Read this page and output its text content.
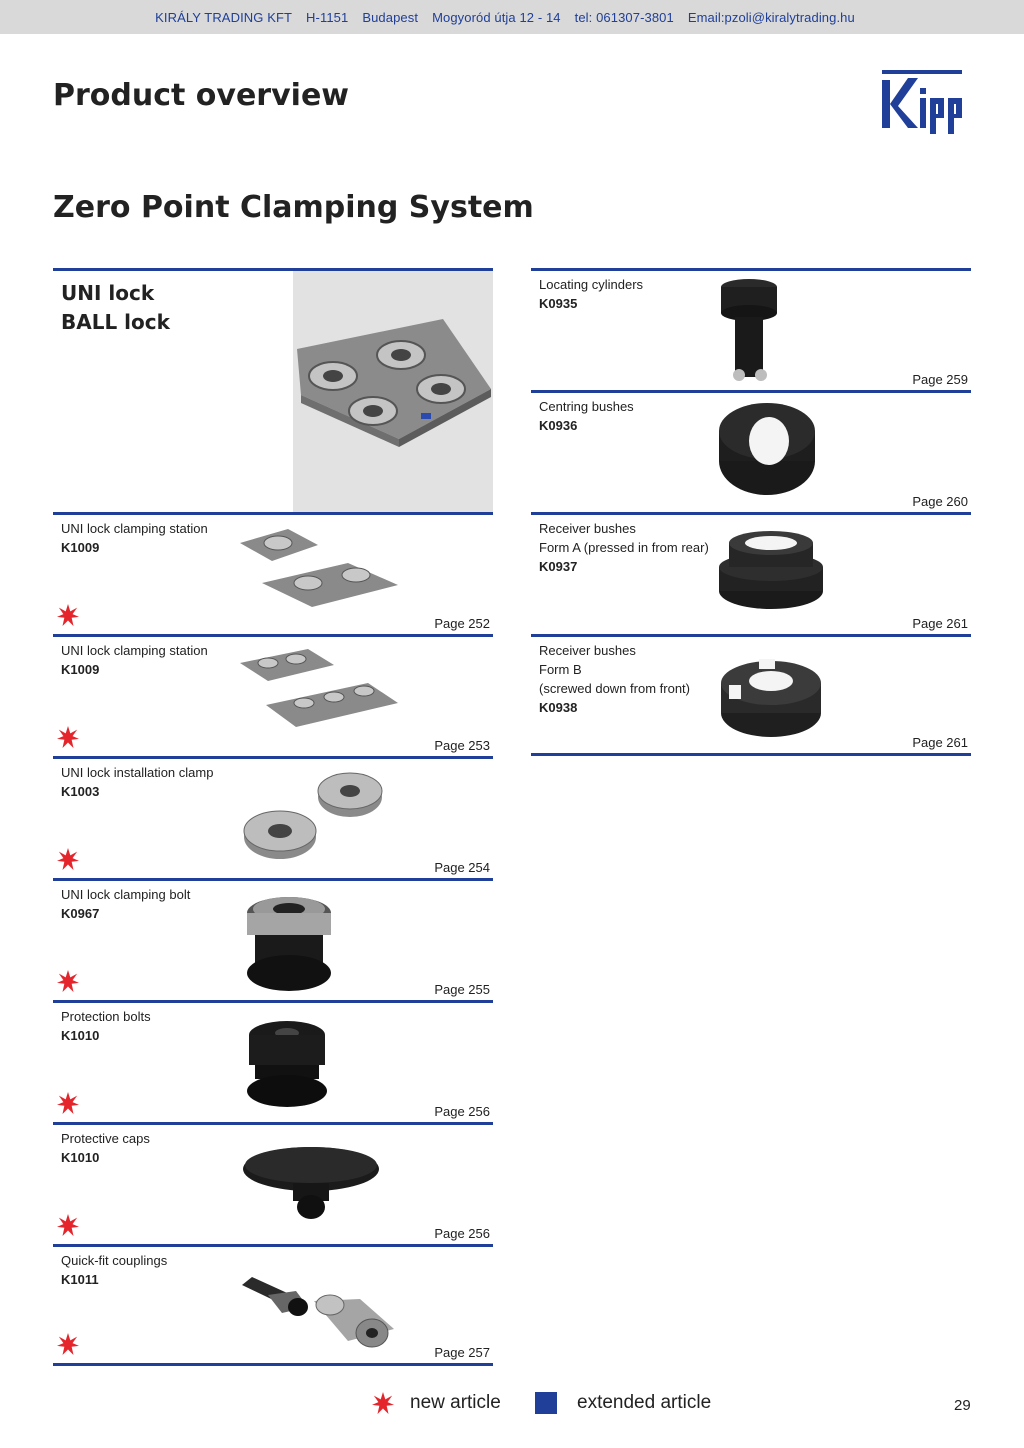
KIRÁLY TRADING KFT H-1151 Budapest Mogyoród útja 12 - 14 tel: 061307-3801 Email:pzoli@kiralytrading.hu
Product overview
Zero Point Clamping System
UNI lock
BALL lock
UNI lock clamping station
K1009
Page 252
UNI lock clamping station
K1009
Page 253
UNI lock installation clamp
K1003
Page 254
UNI lock clamping bolt
K0967
Page 255
Protection bolts
K1010
Page 256
Protective caps
K1010
Page 256
Quick-fit couplings
K1011
Page 257
Locating cylinders
K0935
Page 259
Centring bushes
K0936
Page 260
Receiver bushes
Form A (pressed in from rear)
K0937
Page 261
Receiver bushes
Form B
(screwed down from front)
K0938
Page 261
new article	extended article	29
